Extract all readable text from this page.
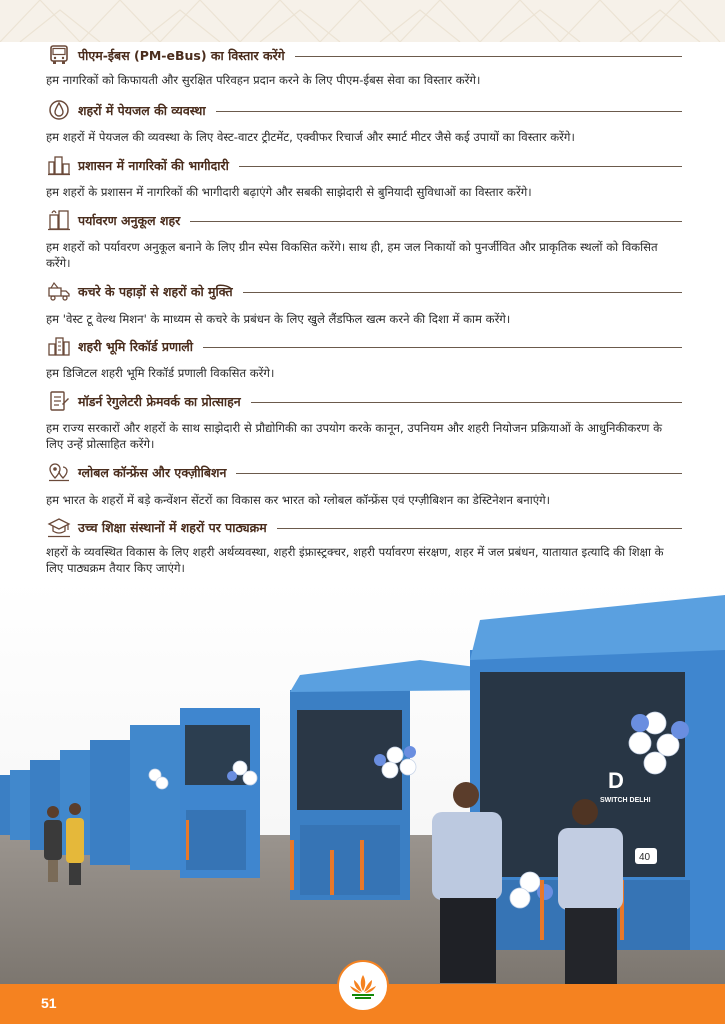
पीएम-ईबस (PM-eBus) का विस्तार करेंगे
हम नागरिकों को किफायती और सुरक्षित परिवहन प्रदान करने के लिए पीएम-ईबस सेवा का विस्तार करेंगे।
शहरों में पेयजल की व्यवस्था
हम शहरों में पेयजल की व्यवस्था के लिए वेस्ट-वाटर ट्रीटमेंट, एक्वीफर रिचार्ज और स्मार्ट मीटर जैसे कई उपायों का विस्तार करेंगे।
प्रशासन में नागरिकों की भागीदारी
हम शहरों के प्रशासन में नागरिकों की भागीदारी बढ़ाएंगे और सबकी साझेदारी से बुनियादी सुविधाओं का विस्तार करेंगे।
पर्यावरण अनुकूल शहर
हम शहरों को पर्यावरण अनुकूल बनाने के लिए ग्रीन स्पेस विकसित करेंगे। साथ ही, हम जल निकायों को पुनर्जीवित और प्राकृतिक स्थलों को विकसित करेंगे।
कचरे के पहाड़ों से शहरों को मुक्ति
हम 'वेस्ट टू वेल्थ मिशन' के माध्यम से कचरे के प्रबंधन के लिए खुले लैंडफिल खत्म करने की दिशा में काम करेंगे।
शहरी भूमि रिकॉर्ड प्रणाली
हम डिजिटल शहरी भूमि रिकॉर्ड प्रणाली विकसित करेंगे।
मॉडर्न रेगुलेटरी फ्रेमवर्क का प्रोत्साहन
हम राज्य सरकारों और शहरों के साथ साझेदारी से प्रौद्योगिकी का उपयोग करके कानून, उपनियम और शहरी नियोजन प्रक्रियाओं के आधुनिकीकरण के लिए उन्हें प्रोत्साहित करेंगे।
ग्लोबल कॉन्फ्रेंस और एक्ज़ीबिशन
हम भारत के शहरों में बड़े कन्वेंशन सेंटरों का विकास कर भारत को ग्लोबल कॉन्फ्रेंस एवं एग्ज़ीबिशन का डेस्टिनेशन बनाएंगे।
उच्च शिक्षा संस्थानों में शहरों पर पाठ्यक्रम
शहरों के व्यवस्थित विकास के लिए शहरी अर्थव्यवस्था, शहरी इंफ्रास्ट्रक्चर, शहरी पर्यावरण संरक्षण, शहर में जल प्रबंधन, यातायात इत्यादि की शिक्षा के लिए पाठ्यक्रम तैयार किए जाएंगे।
D
SWITCH DELHI
40
51
